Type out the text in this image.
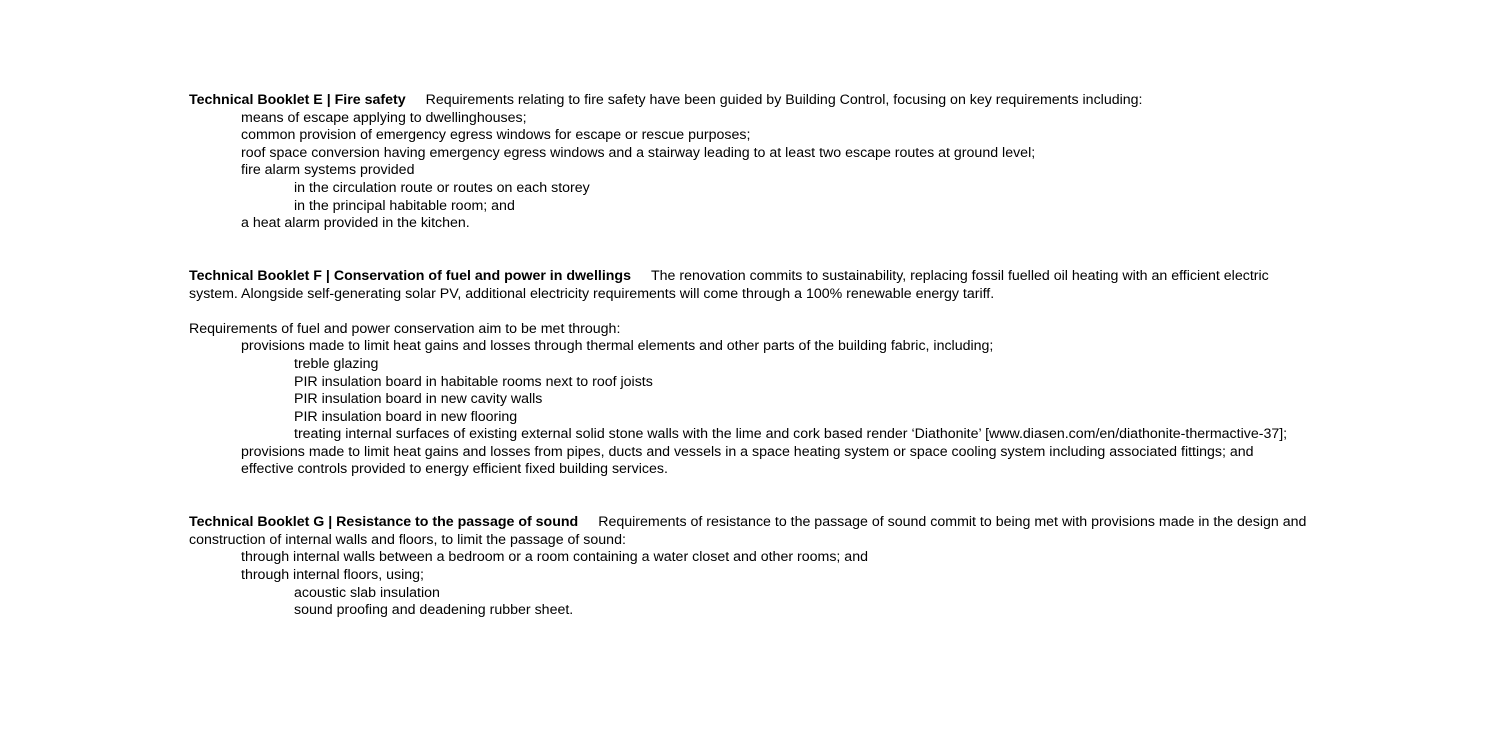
Technical Booklet E | Fire safety Requirements relating to fire safety have been guided by Building Control, focusing on key requirements including:
means of escape applying to dwellinghouses;
common provision of emergency egress windows for escape or rescue purposes;
roof space conversion having emergency egress windows and a stairway leading to at least two escape routes at ground level;
fire alarm systems provided
in the circulation route or routes on each storey
in the principal habitable room; and
a heat alarm provided in the kitchen.
Technical Booklet F | Conservation of fuel and power in dwellings The renovation commits to sustainability, replacing fossil fuelled oil heating with an efficient electric
system. Alongside self-generating solar PV, additional electricity requirements will come through a 100% renewable energy tariff.
Requirements of fuel and power conservation aim to be met through:
provisions made to limit heat gains and losses through thermal elements and other parts of the building fabric, including;
treble glazing
PIR insulation board in habitable rooms next to roof joists
PIR insulation board in new cavity walls
PIR insulation board in new flooring
treating internal surfaces of existing external solid stone walls with the lime and cork based render ‘Diathonite’ [www.diasen.com/en/diathonite-thermactive-37];
provisions made to limit heat gains and losses from pipes, ducts and vessels in a space heating system or space cooling system including associated fittings; and
effective controls provided to energy efficient fixed building services.
Technical Booklet G | Resistance to the passage of sound Requirements of resistance to the passage of sound commit to being met with provisions made in the design and
construction of internal walls and floors, to limit the passage of sound:
through internal walls between a bedroom or a room containing a water closet and other rooms; and
through internal floors, using;
acoustic slab insulation
sound proofing and deadening rubber sheet.
